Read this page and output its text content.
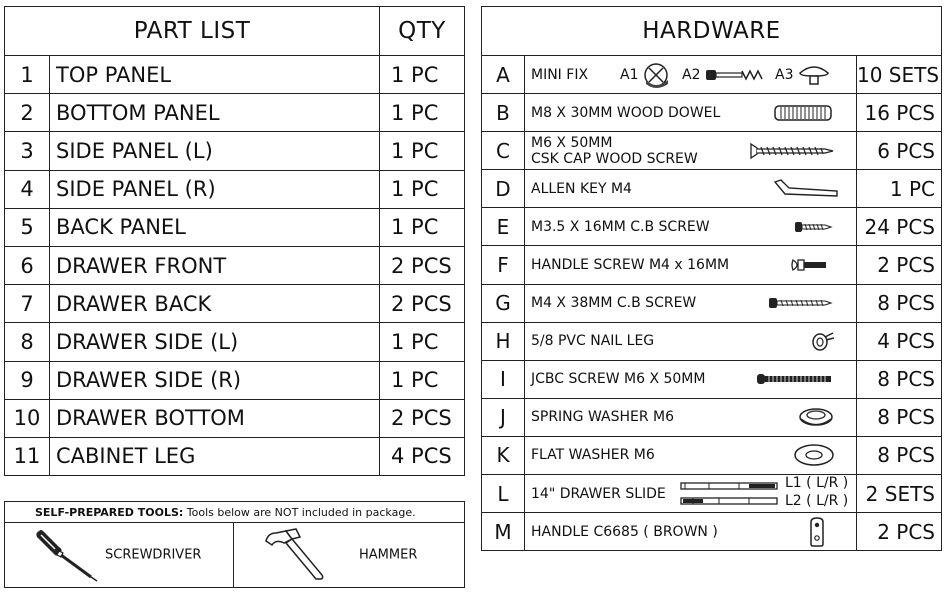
PART LIST		QTY
1	TOP PANEL	1 PC
2	BOTTOM PANEL	1 PC
3	SIDE PANEL (L)	1 PC
4	SIDE PANEL (R)	1 PC
5	BACK PANEL	1 PC
6	DRAWER FRONT	2 PCS
7	DRAWER BACK	2 PCS
8	DRAWER SIDE (L)	1 PC
9	DRAWER SIDE (R)	1 PC
10	DRAWER BOTTOM	2 PCS
11	CABINET LEG	4 PCS
SELF-PREPARED TOOLS: Tools below are NOT included in package.

SCREWDRIVER	HAMMER
HARDWARE		
A	MINI FIX A1 A2 A3	10 SETS
B	M8 X 30MM WOOD DOWEL	16 PCS
C	M6 X 50MM
CSK CAP WOOD SCREW	6 PCS
D	ALLEN KEY M4	1 PC
E	M3.5 X 16MM C.B SCREW	24 PCS
F	HANDLE SCREW M4 x 16MM	2 PCS
G	M4 X 38MM C.B SCREW	8 PCS
H	5/8 PVC NAIL LEG	4 PCS
I	JCBC SCREW M6 X 50MM	8 PCS
J	SPRING WASHER M6	8 PCS
K	FLAT WASHER M6	8 PCS
L	14" DRAWER SLIDE
L1 ( L/R )
L2 ( L/R )	2 SETS
M	HANDLE C6685 ( BROWN )	2 PCS
